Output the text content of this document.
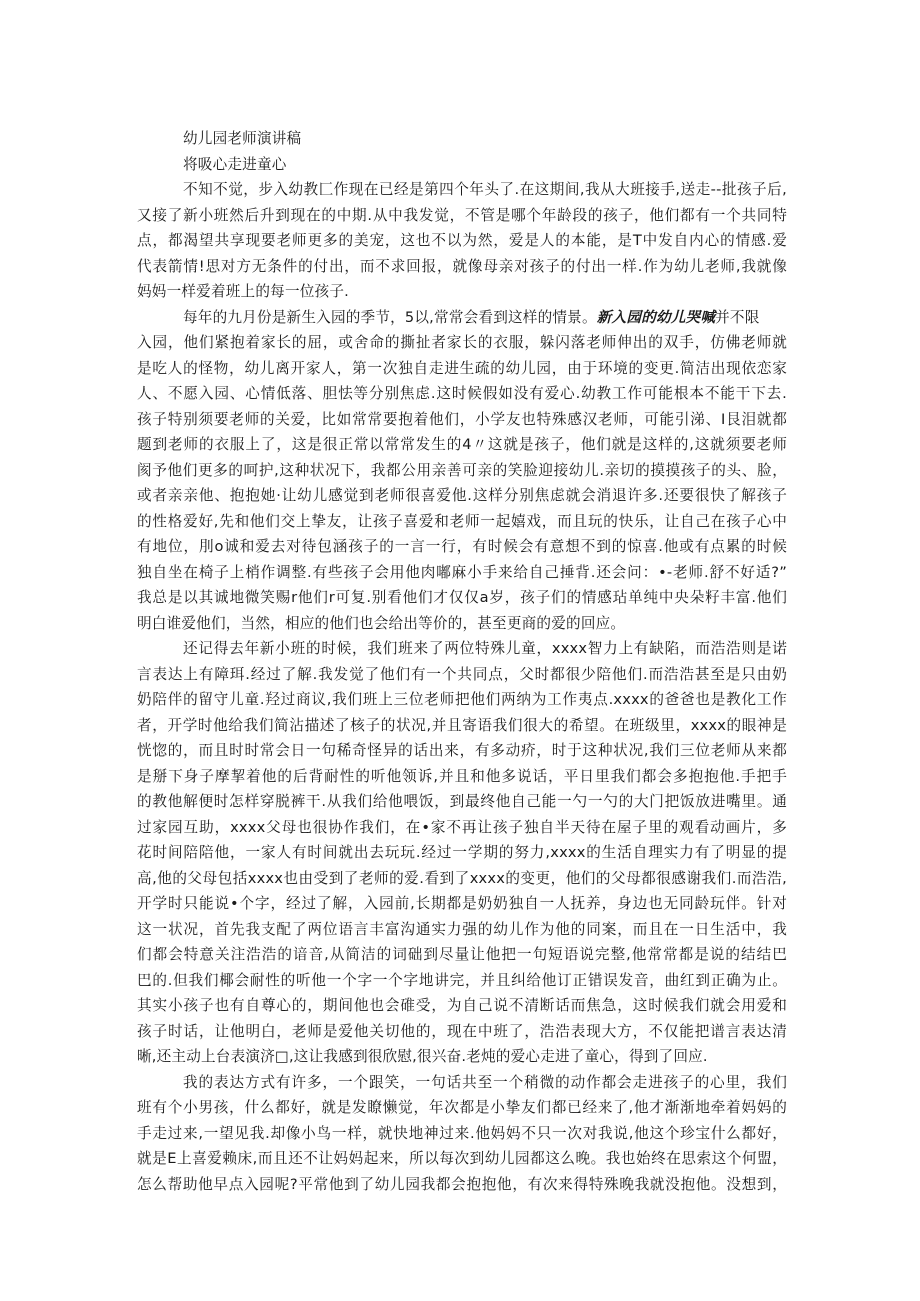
幼儿园老师演讲稿
将吸心走进童心
不知不觉，步入幼教匚作现在已经是第四个年头了.在这期间,我从大班接手,送走--批孩子后,
又接了新小班然后升到现在的中期.从中我发觉，不管是哪个年龄段的孩子，他们都有一个共同特
点，都渴望共享现要老师更多的美宠，这也不以为然，爱是人的本能，是T中发自内心的情感.爱
代表箭情!思对方无条件的付出，而不求回报，就像母亲对孩子的付出一样.作为幼儿老师,我就像
妈妈一样爱着班上的每一位孩子.
每年的九月份是新生入园的季节，5以,常常会看到这样的情景。新入园的幼儿哭喊并不限
入园，他们紧抱着家长的屈，或舍命的撕扯者家长的衣服，躲闪落老师伸出的双手，仿佛老师就
是吃人的怪物，幼儿离开家人，第一次独自走进生疏的幼儿园，由于环境的变更.简洁出现依恋家
人、不愿入园、心情低落、胆怯等分别焦虑.这时候假如没有爱心.幼教工作可能根本不能干下去.
孩子特别须要老师的关爱，比如常常要抱着他们，小学友也特殊感汉老师，可能引涕、I艮泪就都
题到老师的衣服上了，这是很正常以常常发生的4〃这就是孩子，他们就是这样的,这就须要老师
阂予他们更多的呵护,这种状况下，我都公用亲善可亲的笑脸迎接幼儿.亲切的摸摸孩子的头、脸，
或者亲亲他、抱抱她·让幼儿感觉到老师很喜爱他.这样分别焦虑就会消退许多.还要很快了解孩子
的性格爱好,先和他们交上挚友，让孩子喜爱和老师一起嬉戏，而且玩的快乐，让自己在孩子心中
有地位，刖o诚和爱去对待包涵孩子的一言一行，有时候会有意想不到的惊喜.他或有点累的时候
独自坐在椅子上梢作调整.有些孩子会用他肉嘟麻小手来给自己捶背.还会问：•-老师.舒不好适?”
我总是以其诚地微笑赐r他们r可复.别看他们才仅仅a岁，孩子们的情感玷单纯中央朵籽丰富.他们
明白谁爱他们，当然，相应的他们也会给出等价的，甚至更商的爱的回应。
还记得去年新小班的时候，我们班来了两位特殊儿童，xxxx智力上有缺陷，而浩浩则是诺
言表达上有障珥.经过了解.我发觉了他们有一个共同点，父时都很少陪他们.而浩浩甚至是只由奶
奶陪伴的留守儿童.羟过商议,我们班上三位老师把他们两纳为工作夷点.xxxx的爸爸也是教化工作
者，开学时他给我们简沾描述了核子的状况,并且寄语我们很大的希望。在班级里，xxxx的眼神是
恍惚的，而且时时常会日一句稀奇怪异的话出来，有多动疥，时于这种状况,我们三位老师从来都
是掰下身子摩挈着他的后背耐性的听他领诉,并且和他多说话，平日里我们都会多抱抱他.手把手
的教他解便时怎样穿脱裤干.从我们给他喂饭，到最终他自己能一勺一勺的大门把饭放进嘴里。通
过家园互助，xxxx父母也很协作我们，在•家不再让孩子独自半天待在屋子里的观看动画片，多
花时间陪陪他，一家人有时间就出去玩玩.经过一学期的努力,xxxx的生活自理实力有了明显的提
高,他的父母包括xxxx也由受到了老师的爱.看到了xxxx的变更，他们的父母都很感谢我们.而浩浩,
开学时只能说•个字，经过了解，入园前,长期都是奶奶独自一人抚养，身边也无同龄玩伴。针对
这一状况，首先我支配了两位语言丰富沟通实力强的幼儿作为他的同案，而且在一日生活中，我
们都会特意关注浩浩的谙音,从简洁的词础到尽量让他把一句短语说完整,他常常都是说的结结巴
巴的.但我们椰会耐性的听他一个字一个字地讲完，并且纠给他订正错误发音，曲红到正确为止。
其实小孩子也有自尊心的，期间他也会碓受，为自己说不清断话而焦急，这时候我们就会用爱和
孩子时话，让他明白，老师是爱他关切他的，现在中班了，浩浩表现大方，不仅能把谱言表达清
晰,还主动上台表演济□,这让我感到很欣慰,很兴奋.老炖的爱心走进了童心，得到了回应.
我的表达方式有许多，一个跟笑，一句话共至一个稍微的动作都会走进孩子的心里，我们
班有个小男孩，什么都好，就是发瞭懒觉，年次都是小挚友们都已经来了,他才渐渐地牵着妈妈的
手走过来,一望见我.却像小鸟一样，就快地神过来.他妈妈不只一次对我说,他这个珍宝什么都好，
就是E上喜爱赖床,而且还不让妈妈起来，所以每次到幼儿园都这么晚。我也始终在思索这个何盟，
怎么帮助他早点入园呢?平常他到了幼儿园我都会抱抱他，有次来得特殊晚我就没抱他。没想到，
